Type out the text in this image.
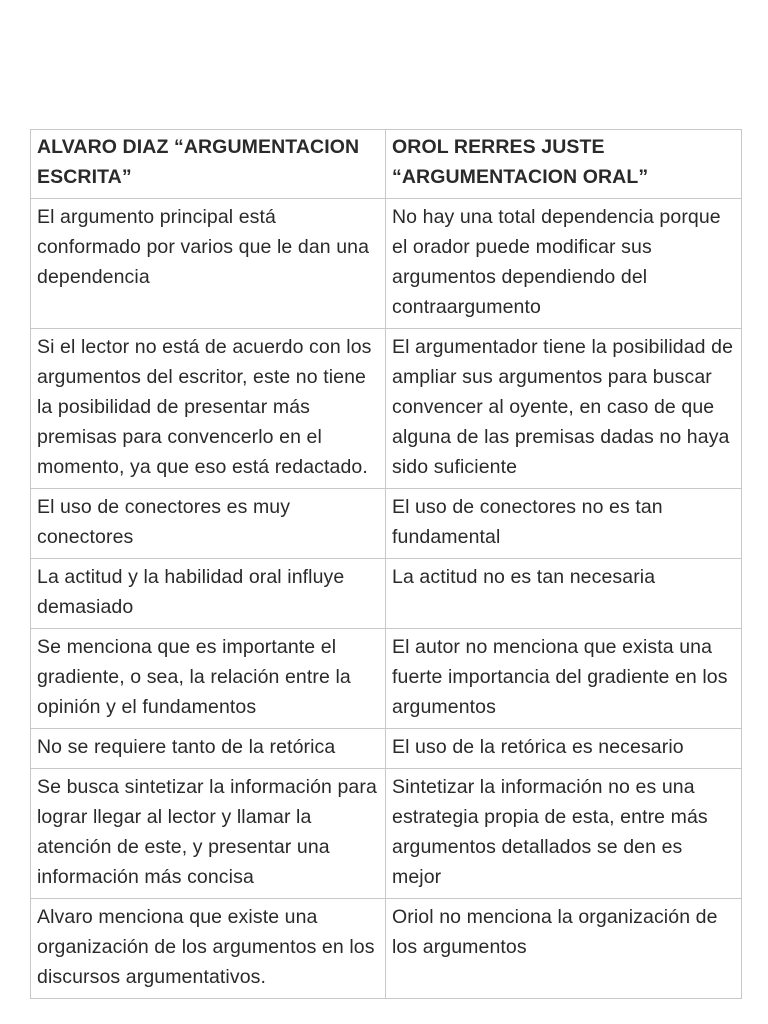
ALVARO DIAZ “ARGUMENTACION ESCRITA”	OROL RERRES JUSTE “ARGUMENTACION ORAL”
El argumento principal está conformado por varios que le dan una dependencia	No hay una total dependencia porque el orador puede modificar sus argumentos dependiendo del contraargumento
Si el lector no está de acuerdo con los argumentos del escritor, este no tiene la posibilidad de presentar más premisas para convencerlo en el momento, ya que eso está redactado.	El argumentador tiene la posibilidad de ampliar sus argumentos para buscar convencer al oyente, en caso de que alguna de las premisas dadas no haya sido suficiente
El uso de conectores es muy conectores	El uso de conectores no es tan fundamental
La actitud y la habilidad oral influye demasiado	La actitud no es tan necesaria
Se menciona que es importante el gradiente, o sea, la relación entre la opinión y el fundamentos	El autor no menciona que exista una fuerte importancia del gradiente en los argumentos
No se requiere tanto de la retórica	El uso de la retórica es necesario
Se busca sintetizar la información para lograr llegar al lector y llamar la atención de este, y presentar una información más concisa	Sintetizar la información no es una estrategia propia de esta, entre más argumentos detallados se den es mejor
Alvaro menciona que existe una organización de los argumentos en los discursos argumentativos.	Oriol no menciona la organización de los argumentos
